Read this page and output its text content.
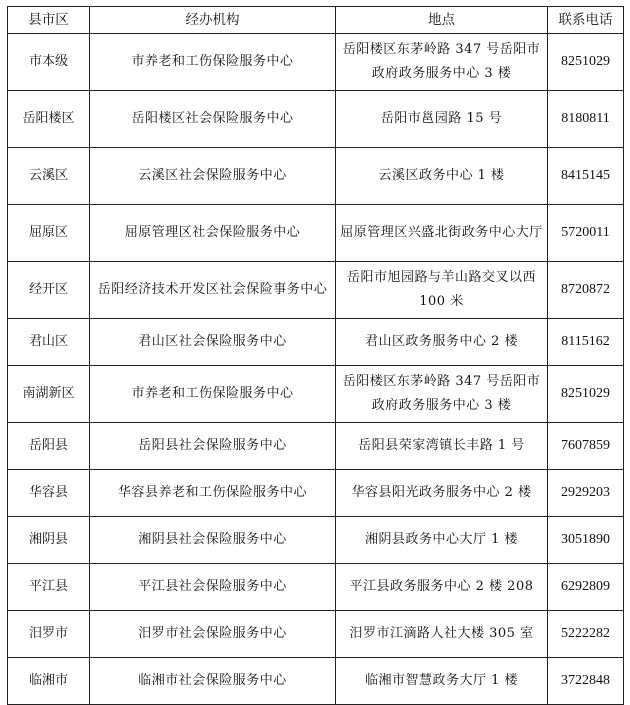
县市区	经办机构	地点	联系电话
市本级	市养老和工伤保险服务中心	岳阳楼区东茅岭路 347 号岳阳市政府政务服务中心 3 楼	8251029
岳阳楼区	岳阳楼区社会保险服务中心	岳阳市邕园路 15 号	8180811
云溪区	云溪区社会保险服务中心	云溪区政务中心 1 楼	8415145
屈原区	屈原管理区社会保险服务中心	屈原管理区兴盛北街政务中心大厅	5720011
经开区	岳阳经济技术开发区社会保险事务中心	岳阳市旭园路与羊山路交叉以西 100 米	8720872
君山区	君山区社会保险服务中心	君山区政务服务中心 2 楼	8115162
南湖新区	市养老和工伤保险服务中心	岳阳楼区东茅岭路 347 号岳阳市政府政务服务中心 3 楼	8251029
岳阳县	岳阳县社会保险服务中心	岳阳县荣家湾镇长丰路 1 号	7607859
华容县	华容县养老和工伤保险服务中心	华容县阳光政务服务中心 2 楼	2929203
湘阴县	湘阴县社会保险服务中心	湘阴县政务中心大厅 1 楼	3051890
平江县	平江县社会保险服务中心	平江县政务服务中心 2 楼 208	6292809
汨罗市	汨罗市社会保险服务中心	汨罗市江滴路人社大楼 305 室	5222282
临湘市	临湘市社会保险服务中心	临湘市智慧政务大厅 1 楼	3722848
